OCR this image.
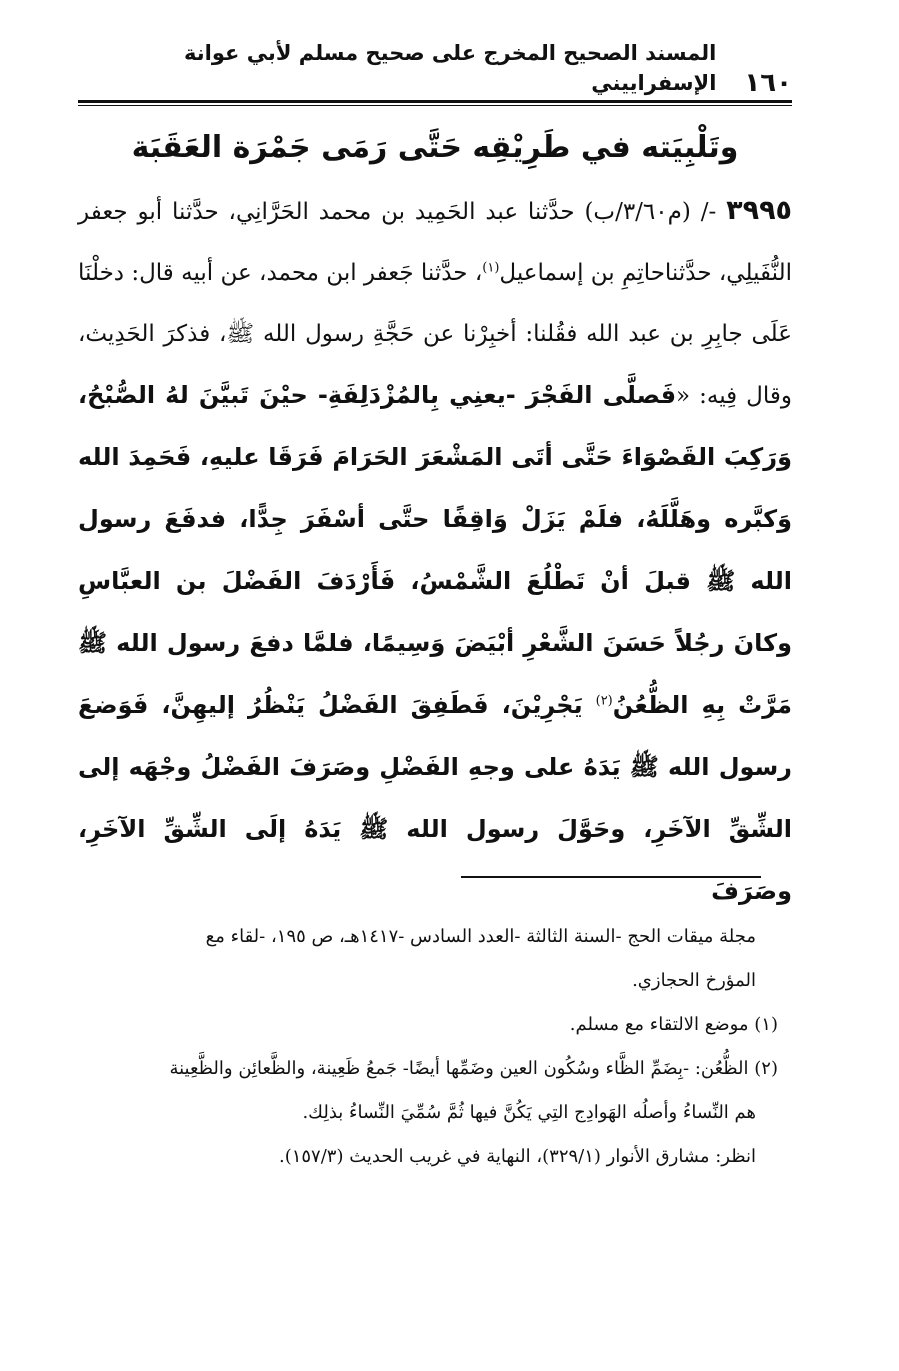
١٦٠
المسند الصحيح المخرج على صحيح مسلم لأبي عوانة الإسفراييني
وتَلْبِيَته في طَرِيْقِه حَتَّى رَمَى جَمْرَة العَقَبَة
٣٩٩٥ -/ (م٣/٦٠/ب) حدَّثنا عبد الحَمِيد بن محمد الحَرَّانِي، حدَّثنا أبو جعفر النُّفَيلِي، حدَّثناحاتِمِ بن إسماعيل$^{(١)}$، حدَّثنا جَعفر ابن محمد، عن أبيه قال: دخلْنَا عَلَى جابِرِ بن عبد الله فقُلنا: أخبِرْنا عن حَجَّةِ رسول الله ﷺ، فذكرَ الحَدِيث، وقال فِيه: «فَصلَّى الفَجْرَ -يعنِي بِالمُزْدَلِفَةِ- حيْنَ تَبيَّنَ لهُ الصُّبْحُ، وَرَكِبَ القَصْوَاءَ حَتَّى أتَى المَشْعَرَ الحَرَامَ فَرَقَا عليهِ، فَحَمِدَ الله وَكبَّره وهَلَّلَهُ، فلَمْ يَزَلْ وَاقِفًا حتَّى أسْفَرَ جِدًّا، فدفَعَ رسول الله ﷺ قبلَ أنْ تَطْلُعَ الشَّمْسُ، فَأَرْدَفَ الفَضْلَ بن العبَّاسِ وكانَ رجُلاً حَسَنَ الشَّعْرِ أبْيَضَ وَسِيمًا، فلمَّا دفعَ رسول الله ﷺ مَرَّتْ بِهِ الظُّعُنُ$^{(٢)}$ يَجْرِيْنَ، فَطَفِقَ الفَضْلُ يَنْظُرُ إليهِنَّ، فَوَضعَ رسول الله ﷺ يَدَهُ على وجهِ الفَضْلِ وصَرَفَ الفَضْلُ وجْهَه إلى الشِّقِّ الآخَرِ، وحَوَّلَ رسول الله ﷺ يَدَهُ إلَى الشِّقِّ الآخَرِ، وصَرَفَ

مجلة ميقات الحج -السنة الثالثة -العدد السادس -١٤١٧هـ، ص ١٩٥، -لقاء مع

المؤرخ الحجازي.

(١) موضع الالتقاء مع مسلم.

(٢) الظُّعُن: -بِضَمِّ الظَّاء وسُكُون العين وضَمِّها أيضًا- جَمعُ ظَعِينة، والظَّعائِن والظَّعِينة

هم النِّساءُ وأصلُه الهَوادِج التِي يَكُنَّ فيها ثُمَّ سُمِّيَ النِّساءُ بذلِك.

انظر: مشارق الأنوار (٣٢٩/١)، النهاية في غريب الحديث (١٥٧/٣).
